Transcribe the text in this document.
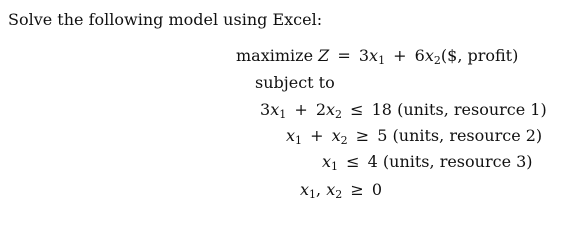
Solve the following model using Excel:
maximize $Z = 3x_1$ + $6x_2(\$$, profit)
subject to
$3x_1 + 2x_2 \le 18$ (units, resource 1)
$x_1 + x_2 \ge 5$ (units, resource 2)
$x_1 \le 4$ (units, resource 3)
$x_1$, $x_2 \ge 0$
